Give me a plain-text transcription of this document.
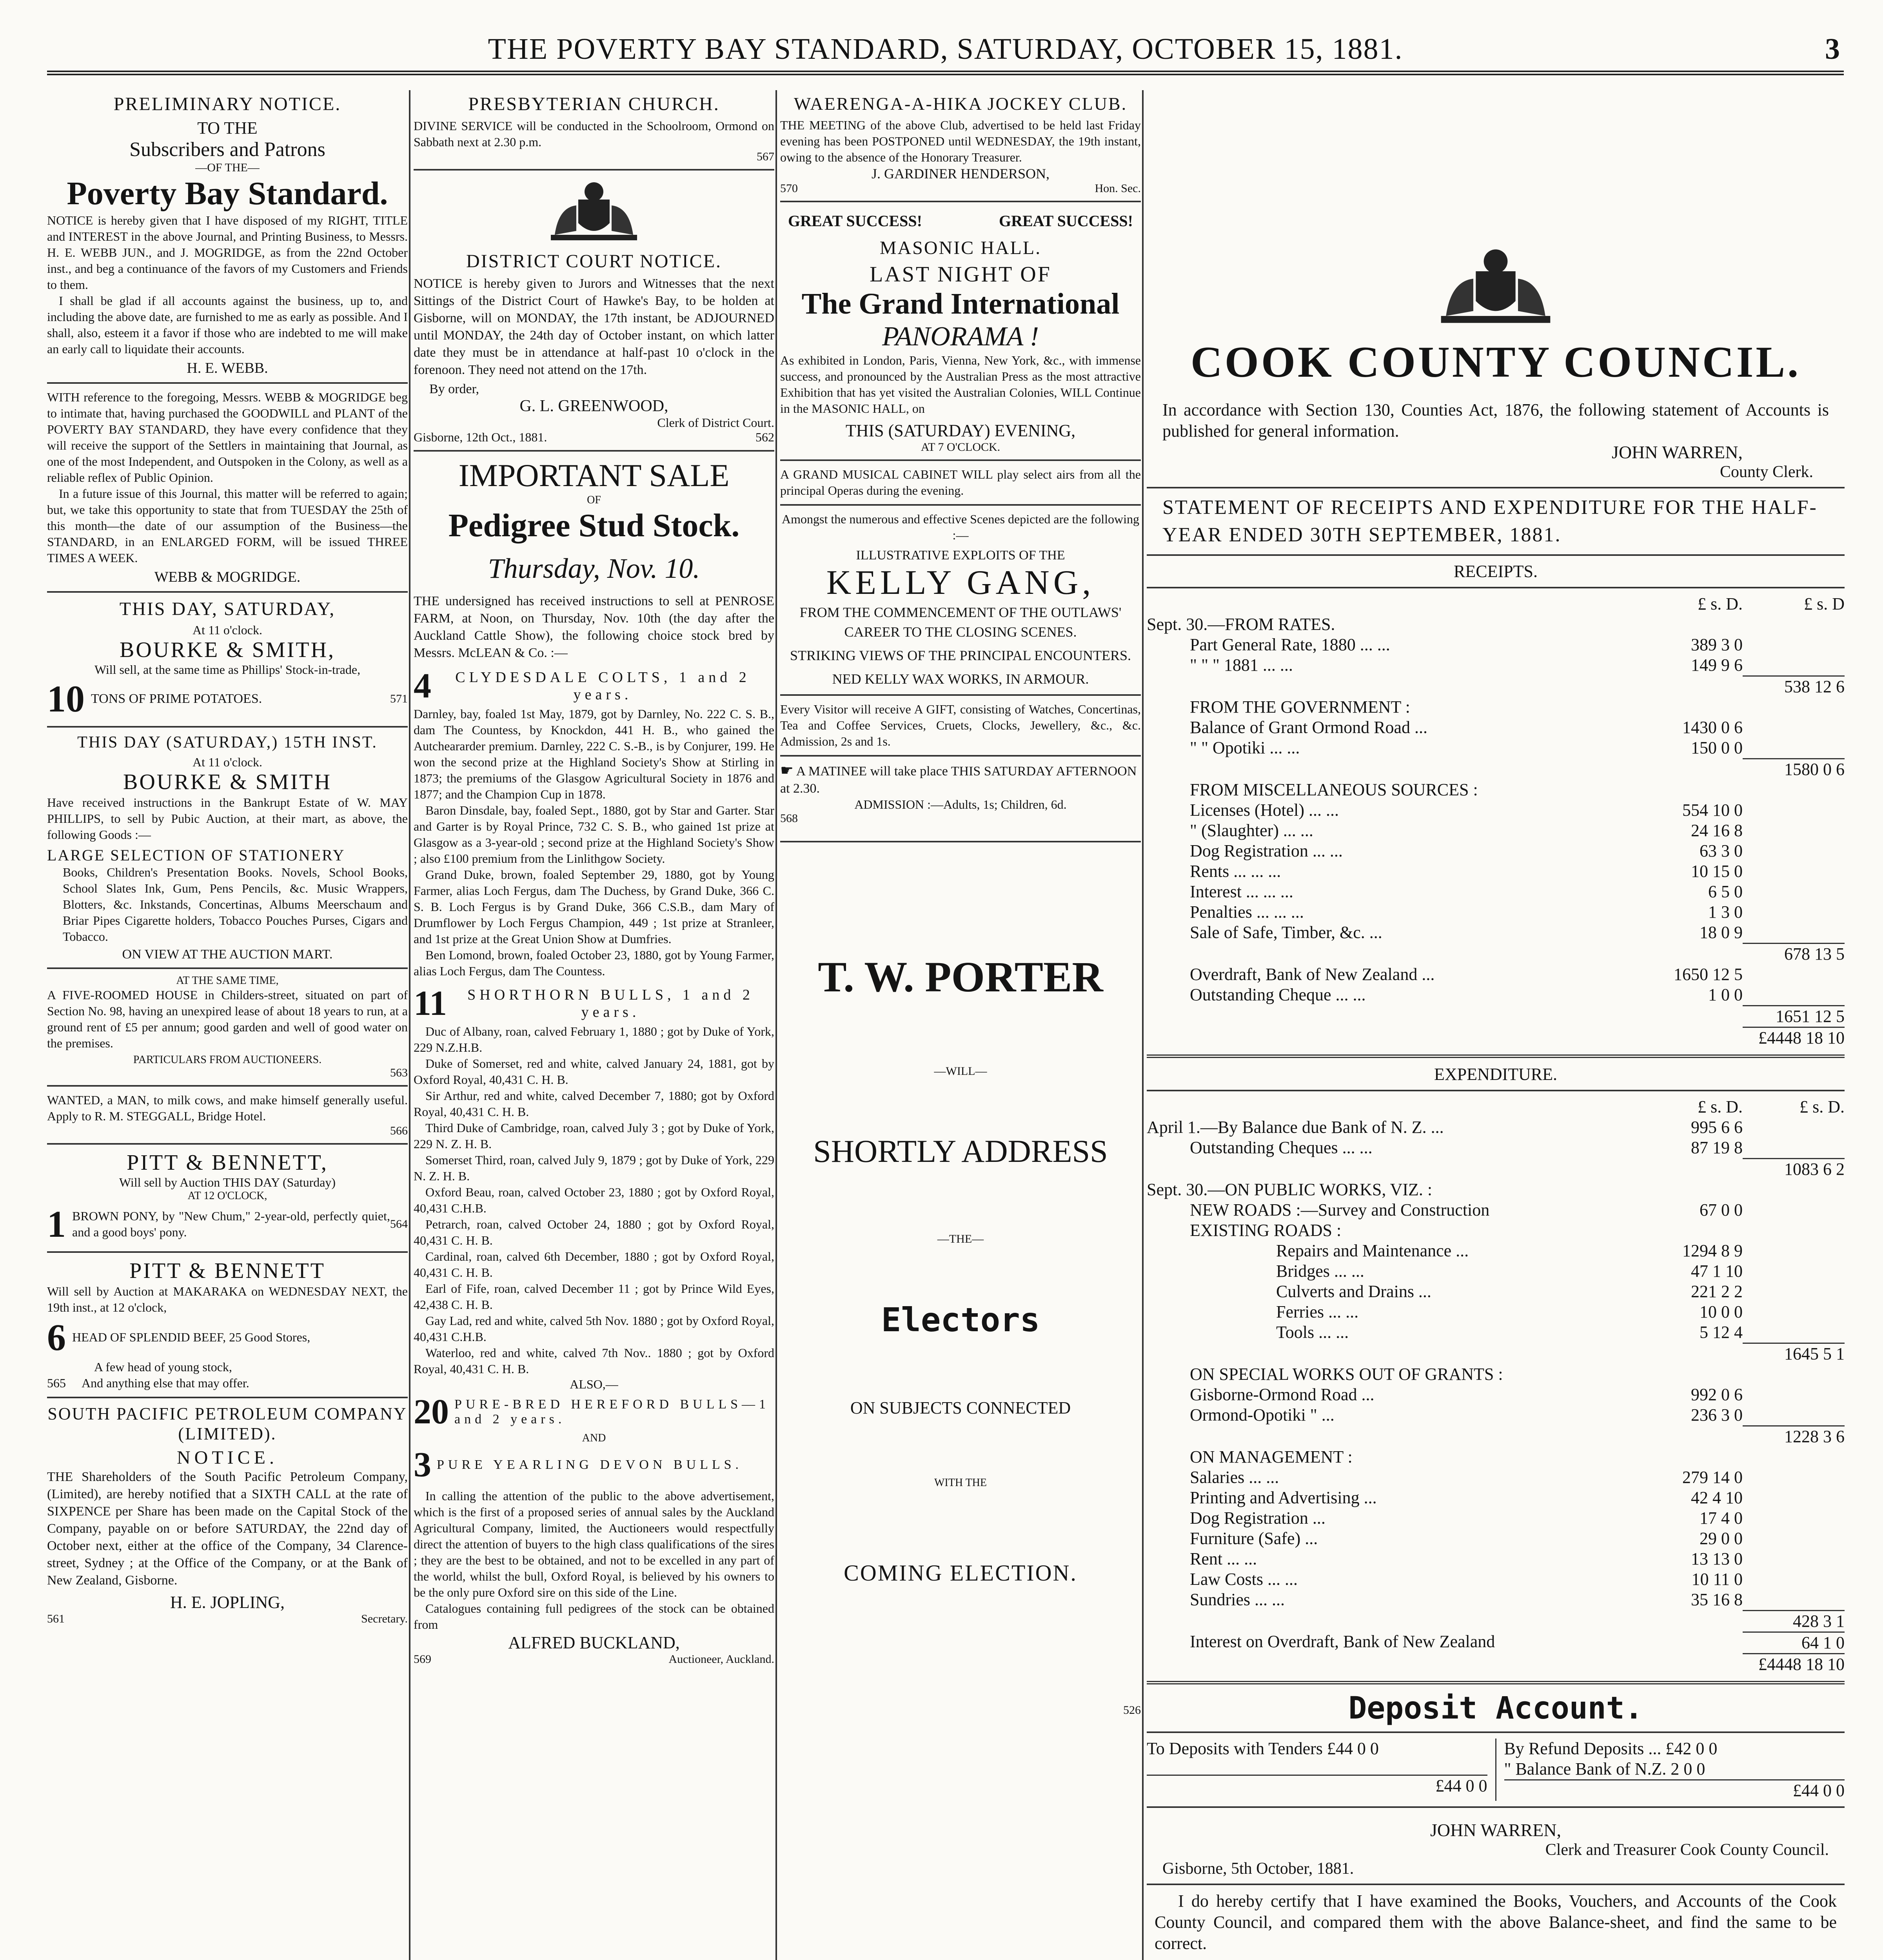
THE POVERTY BAY STANDARD, SATURDAY, OCTOBER 15, 1881.	3
PRELIMINARY NOTICE.
TO THE
Subscribers and Patrons
—OF THE—
Poverty Bay Standard.
NOTICE is hereby given that I have disposed of my RIGHT, TITLE and INTEREST in the above Journal, and Printing Business, to Messrs. H. E. WEBB JUN., and J. MOGRIDGE, as from the 22nd October inst., and beg a continuance of the favors of my Customers and Friends to them.
I shall be glad if all accounts against the business, up to, and including the above date, are furnished to me as early as possible. And I shall, also, esteem it a favor if those who are indebted to me will make an early call to liquidate their accounts.
H. E. WEBB.
WITH reference to the foregoing, Messrs. WEBB & MOGRIDGE beg to intimate that, having purchased the GOODWILL and PLANT of the POVERTY BAY STANDARD, they have every confidence that they will receive the support of the Settlers in maintaining that Journal, as one of the most Independent, and Outspoken in the Colony, as well as a reliable reflex of Public Opinion.
In a future issue of this Journal, this matter will be referred to again; but, we take this opportunity to state that from TUESDAY the 25th of this month—the date of our assumption of the Business—the STANDARD, in an ENLARGED FORM, will be issued THREE TIMES A WEEK.
WEBB & MOGRIDGE.
THIS DAY, SATURDAY,
At 11 o'clock.
BOURKE & SMITH,
Will sell, at the same time as Phillips' Stock-in-trade,
10 TONS OF PRIME POTATOES.	571
THIS DAY (SATURDAY,) 15TH INST.
At 11 o'clock.
BOURKE & SMITH
Have received instructions in the Bankrupt Estate of W. MAY PHILLIPS, to sell by Pubic Auction, at their mart, as above, the following Goods :—
LARGE SELECTION OF STATIONERY
Books, Children's Presentation Books. Novels, School Books, School Slates Ink, Gum, Pens Pencils, &c. Music Wrappers, Blotters, &c. Inkstands, Concertinas, Albums Meerschaum and Briar Pipes Cigarette holders, Tobacco Pouches Purses, Cigars and Tobacco.
ON VIEW AT THE AUCTION MART.
AT THE SAME TIME,
A FIVE-ROOMED HOUSE in Childers-street, situated on part of Section No. 98, having an unexpired lease of about 18 years to run, at a ground rent of £5 per annum; good garden and well of good water on the premises.
PARTICULARS FROM AUCTIONEERS.
563
WANTED, a MAN, to milk cows, and make himself generally useful. Apply to R. M. STEGGALL, Bridge Hotel.
566
PITT & BENNETT,
Will sell by Auction THIS DAY (Saturday)
AT 12 O'CLOCK,
1 BROWN PONY, by "New Chum," 2-year-old, perfectly quiet, and a good boys' pony.
564
PITT & BENNETT
Will sell by Auction at MAKARAKA on WEDNESDAY NEXT, the 19th inst., at 12 o'clock,
6 HEAD OF SPLENDID BEEF, 25 Good Stores,
A few head of young stock,
565	And anything else that may offer.
SOUTH PACIFIC PETROLEUM COMPANY (LIMITED).
NOTICE.
THE Shareholders of the South Pacific Petroleum Company, (Limited), are hereby notified that a SIXTH CALL at the rate of SIXPENCE per Share has been made on the Capital Stock of the Company, payable on or before SATURDAY, the 22nd day of October next, either at the office of the Company, 34 Clarence-street, Sydney ; at the Office of the Company, or at the Bank of New Zealand, Gisborne.
H. E. JOPLING,
561	Secretary.
PRESBYTERIAN CHURCH.
DIVINE SERVICE will be conducted in the Schoolroom, Ormond on Sabbath next at 2.30 p.m.
567
DISTRICT COURT NOTICE.
NOTICE is hereby given to Jurors and Witnesses that the next Sittings of the District Court of Hawke's Bay, to be holden at Gisborne, will on MONDAY, the 17th instant, be ADJOURNED until MONDAY, the 24th day of October instant, on which latter date they must be in attendance at half-past 10 o'clock in the forenoon. They need not attend on the 17th.
By order,
G. L. GREENWOOD,
Clerk of District Court.
Gisborne, 12th Oct., 1881.	562
IMPORTANT SALE
OF
Pedigree Stud Stock.
Thursday, Nov. 10.
THE undersigned has received instructions to sell at PENROSE FARM, at Noon, on Thursday, Nov. 10th (the day after the Auckland Cattle Show), the following choice stock bred by Messrs. McLEAN & Co. :—
4	CLYDESDALE COLTS, 1 and 2 years.
Darnley, bay, foaled 1st May, 1879, got by Darnley, No. 222 C. S. B., dam The Countess, by Knockdon, 441 H. B., who gained the Autcheararder premium. Darnley, 222 C. S.-B., is by Conjurer, 199. He won the second prize at the Highland Society's Show at Stirling in 1873; the premiums of the Glasgow Agricultural Society in 1876 and 1877; and the Champion Cup in 1878.
Baron Dinsdale, bay, foaled Sept., 1880, got by Star and Garter. Star and Garter is by Royal Prince, 732 C. S. B., who gained 1st prize at Glasgow as a 3-year-old ; second prize at the Highland Society's Show ; also £100 premium from the Linlithgow Society.
Grand Duke, brown, foaled September 29, 1880, got by Young Farmer, alias Loch Fergus, dam The Duchess, by Grand Duke, 366 C. S. B. Loch Fergus is by Grand Duke, 366 C.S.B., dam Mary of Drumflower by Loch Fergus Champion, 449 ; 1st prize at Stranleer, and 1st prize at the Great Union Show at Dumfries.
Ben Lomond, brown, foaled October 23, 1880, got by Young Farmer, alias Loch Fergus, dam The Countess.
11	SHORTHORN BULLS, 1 and 2 years.
Duc of Albany, roan, calved February 1, 1880 ; got by Duke of York, 229 N.Z.H.B.
Duke of Somerset, red and white, calved January 24, 1881, got by Oxford Royal, 40,431 C. H. B.
Sir Arthur, red and white, calved December 7, 1880; got by Oxford Royal, 40,431 C. H. B.
Third Duke of Cambridge, roan, calved July 3 ; got by Duke of York, 229 N. Z. H. B.
Somerset Third, roan, calved July 9, 1879 ; got by Duke of York, 229 N. Z. H. B.
Oxford Beau, roan, calved October 23, 1880 ; got by Oxford Royal, 40,431 C.H.B.
Petrarch, roan, calved October 24, 1880 ; got by Oxford Royal, 40,431 C. H. B.
Cardinal, roan, calved 6th December, 1880 ; got by Oxford Royal, 40,431 C. H. B.
Earl of Fife, roan, calved December 11 ; got by Prince Wild Eyes, 42,438 C. H. B.
Gay Lad, red and white, calved 5th Nov. 1880 ; got by Oxford Royal, 40,431 C.H.B.
Waterloo, red and white, calved 7th Nov.. 1880 ; got by Oxford Royal, 40,431 C. H. B.
ALSO,—
20 PURE-BRED HEREFORD BULLS—1 and 2 years.
AND
3 PURE YEARLING DEVON BULLS.
In calling the attention of the public to the above advertisement, which is the first of a proposed series of annual sales by the Auckland Agricultural Company, limited, the Auctioneers would respectfully direct the attention of buyers to the high class qualifications of the sires ; they are the best to be obtained, and not to be excelled in any part of the world, whilst the bull, Oxford Royal, is believed by his owners to be the only pure Oxford sire on this side of the Line.
Catalogues containing full pedigrees of the stock can be obtained from
ALFRED BUCKLAND,
569	Auctioneer, Auckland.
WAERENGA-A-HIKA JOCKEY CLUB.
THE MEETING of the above Club, advertised to be held last Friday evening has been POSTPONED until WEDNESDAY, the 19th instant, owing to the absence of the Honorary Treasurer.
J. GARDINER HENDERSON,
570	Hon. Sec.
GREAT SUCCESS!	GREAT SUCCESS!
MASONIC HALL.
LAST NIGHT OF
The Grand International
PANORAMA !
As exhibited in London, Paris, Vienna, New York, &c., with immense success, and pronounced by the Australian Press as the most attractive Exhibition that has yet visited the Australian Colonies, WILL Continue in the MASONIC HALL, on
THIS (SATURDAY) EVENING,
AT 7 O'CLOCK.
A GRAND MUSICAL CABINET WILL play select airs from all the principal Operas during the evening.
Amongst the numerous and effective Scenes depicted are the following :—
ILLUSTRATIVE EXPLOITS OF THE
KELLY GANG,
FROM THE COMMENCEMENT OF THE OUTLAWS' CAREER TO THE CLOSING SCENES.
STRIKING VIEWS OF THE PRINCIPAL ENCOUNTERS.
NED KELLY WAX WORKS, IN ARMOUR.
Every Visitor will receive A GIFT, consisting of Watches, Concertinas, Tea and Coffee Services, Cruets, Clocks, Jewellery, &c., &c. Admission, 2s and 1s.
☛ A MATINEE will take place THIS SATURDAY AFTERNOON at 2.30.
ADMISSION :—Adults, 1s; Children, 6d.
568
T. W. PORTER
—WILL—
SHORTLY ADDRESS
—THE—
Electors
ON SUBJECTS CONNECTED
WITH THE
COMING ELECTION.
526
COOK COUNTY COUNCIL.
In accordance with Section 130, Counties Act, 1876, the following statement of Accounts is published for general information.
JOHN WARREN,
County Clerk.
STATEMENT OF RECEIPTS AND EXPENDITURE FOR THE HALF-YEAR ENDED 30TH SEPTEMBER, 1881.
RECEIPTS.
£ s. D.	£ s. D
Sept. 30.—FROM RATES.
Part General Rate, 1880 ... ...	389 3 0
" " " 1881 ... ...	149 9 6
538 12 6
FROM THE GOVERNMENT :
Balance of Grant Ormond Road ...	1430 0 6
" " Opotiki ... ...	150 0 0
1580 0 6
FROM MISCELLANEOUS SOURCES :
Licenses (Hotel) ... ...	554 10 0
" (Slaughter) ... ...	24 16 8
Dog Registration ... ...	63 3 0
Rents ... ... ...	10 15 0
Interest ... ... ...	6 5 0
Penalties ... ... ...	1 3 0
Sale of Safe, Timber, &c. ...	18 0 9
678 13 5
Overdraft, Bank of New Zealand ...	1650 12 5
Outstanding Cheque ... ...	1 0 0
1651 12 5
£4448 18 10
EXPENDITURE.
£ s. D.	£ s. D.
April 1.—By Balance due Bank of N. Z. ...	995 6 6
Outstanding Cheques ... ...	87 19 8
1083 6 2
Sept. 30.—ON PUBLIC WORKS, VIZ. :
NEW ROADS :—Survey and Construction	67 0 0
EXISTING ROADS :
Repairs and Maintenance ...	1294 8 9
Bridges ... ...	47 1 10
Culverts and Drains ...	221 2 2
Ferries ... ...	10 0 0
Tools ... ...	5 12 4
1645 5 1
ON SPECIAL WORKS OUT OF GRANTS :
Gisborne-Ormond Road ...	992 0 6
Ormond-Opotiki " ...	236 3 0
1228 3 6
ON MANAGEMENT :
Salaries ... ...	279 14 0
Printing and Advertising ...	42 4 10
Dog Registration ...	17 4 0
Furniture (Safe) ...	29 0 0
Rent ... ...	13 13 0
Law Costs ... ...	10 11 0
Sundries ... ...	35 16 8
428 3 1
Interest on Overdraft, Bank of New Zealand	64 1 0
£4448 18 10
Deposit Account.
To Deposits with Tenders £44 0 0
£44 0 0
By Refund Deposits ... £42 0 0
" Balance Bank of N.Z. 2 0 0
£44 0 0
JOHN WARREN,
Clerk and Treasurer Cook County Council.
Gisborne, 5th October, 1881.
I do hereby certify that I have examined the Books, Vouchers, and Accounts of the Cook County Council, and compared them with the above Balance-sheet, and find the same to be correct.
